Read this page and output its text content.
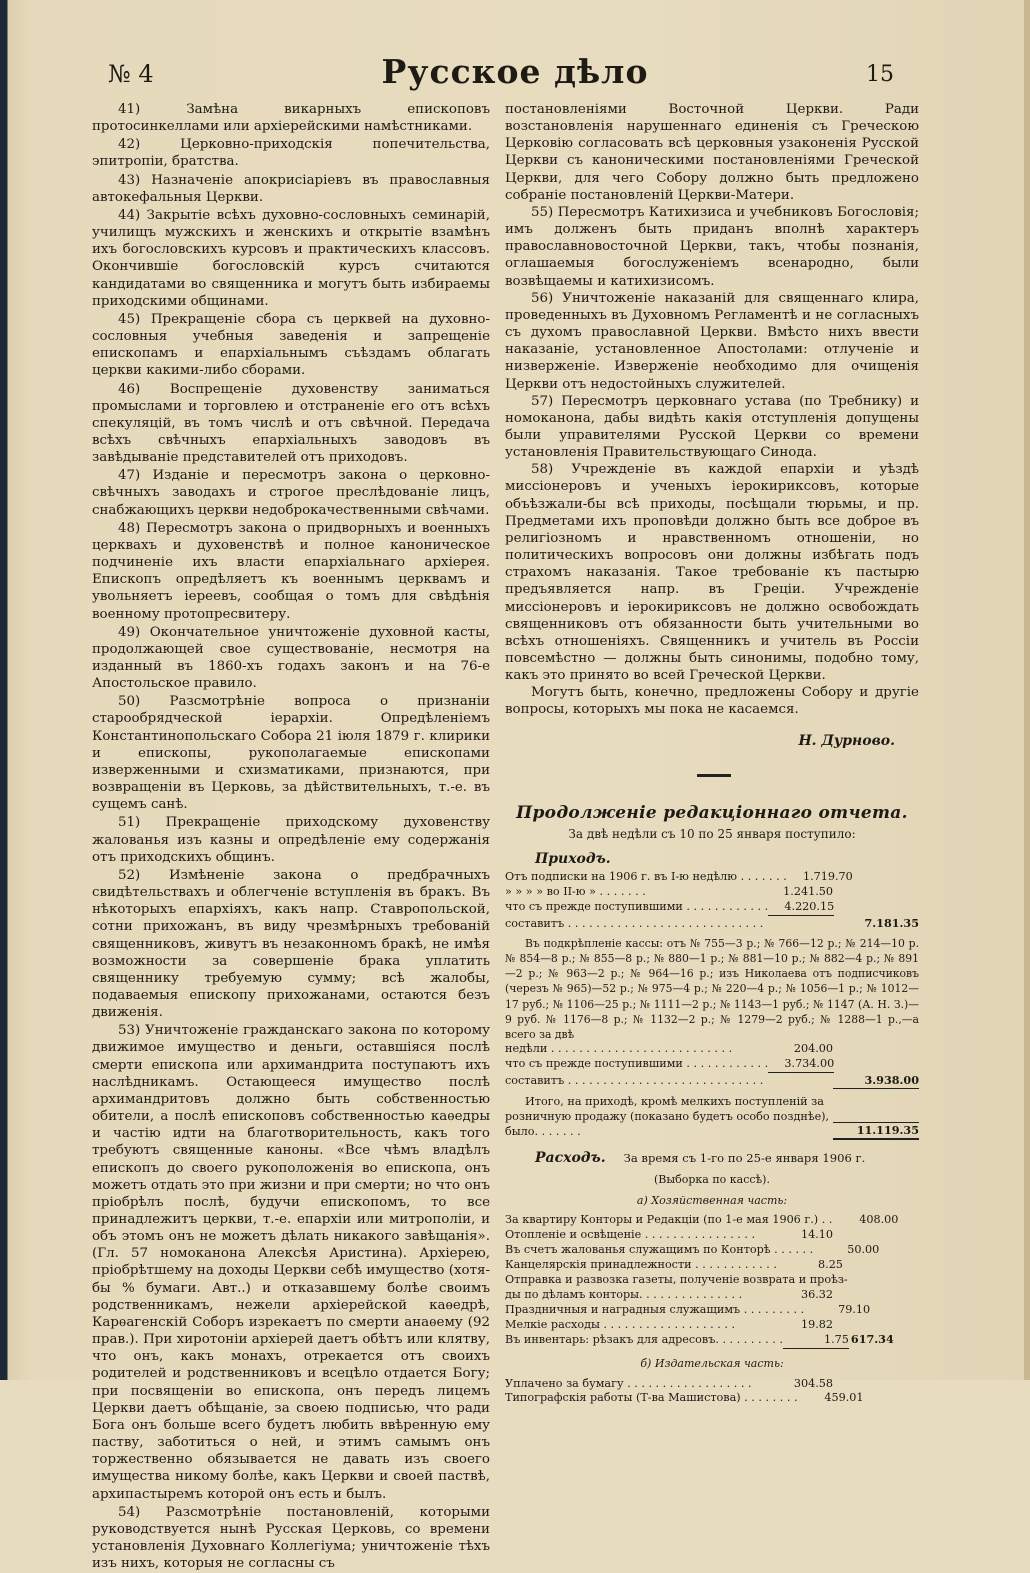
№ 4	Русское дѣло	15

41) Замѣна викарныхъ епископовъ протосинкеллами или архіерейскими намѣстниками.

42) Церковно-приходскія попечительства, эпитропіи, братства.

43) Назначеніе апокрисіаріевъ въ православныя автокефальныя Церкви.

44) Закрытіе всѣхъ духовно-сословныхъ семинарій, училищъ мужскихъ и женскихъ и открытіе взамѣнъ ихъ богословскихъ курсовъ и практическихъ классовъ. Окончившіе богословскій курсъ считаются кандидатами во священника и могутъ быть избираемы приходскими общинами.

45) Прекращеніе сбора съ церквей на духовно-сословныя учебныя заведенія и запрещеніе епископамъ и епархіальнымъ съѣздамъ облагать церкви какими-либо сборами.

46) Воспрещеніе духовенству заниматься промыслами и торговлею и отстраненіе его отъ всѣхъ спекуляцій, въ томъ числѣ и отъ свѣчной. Передача всѣхъ свѣчныхъ епархіальныхъ заводовъ въ завѣдываніе представителей отъ приходовъ.

47) Изданіе и пересмотръ закона о церковно-свѣчныхъ заводахъ и строгое преслѣдованіе лицъ, снабжающихъ церкви недоброкачественными свѣчами.

48) Пересмотръ закона о придворныхъ и военныхъ церквахъ и духовенствѣ и полное каноническое подчиненіе ихъ власти епархіальнаго архіерея. Епископъ опредѣляетъ къ военнымъ церквамъ и увольняетъ іереевъ, сообщая о томъ для свѣдѣнія военному протопресвитеру.

49) Окончательное уничтоженіе духовной касты, продолжающей свое существованіе, несмотря на изданный въ 1860-хъ годахъ законъ и на 76-е Апостольское правило.

50) Разсмотрѣніе вопроса о признаніи старообрядческой іерархіи. Опредѣленіемъ Константинопольскаго Собора 21 іюля 1879 г. клирики и епископы, рукополагаемые епископами изверженными и схизматиками, признаются, при возвращеніи въ Церковь, за дѣйствительныхъ, т.-е. въ сущемъ санѣ.

51) Прекращеніе приходскому духовенству жалованья изъ казны и опредѣленіе ему содержанія отъ приходскихъ общинъ.

52) Измѣненіе закона о предбрачныхъ свидѣтельствахъ и облегченіе вступленія въ бракъ. Въ нѣкоторыхъ епархіяхъ, какъ напр. Ставропольской, сотни прихожанъ, въ виду чрезмѣрныхъ требованій священниковъ, живутъ въ незаконномъ бракѣ, не имѣя возможности за совершеніе брака уплатить священнику требуемую сумму; всѣ жалобы, подаваемыя епископу прихожанами, остаются безъ движенія.

53) Уничтоженіе гражданскаго закона по которому движимое имущество и деньги, оставшіяся послѣ смерти епископа или архимандрита поступаютъ ихъ наслѣдникамъ. Остающееся имущество послѣ архимандритовъ должно быть собственностью обители, а послѣ епископовъ собственностью каѳедры и частію идти на благотворительность, какъ того требуютъ священные каноны. «Все чѣмъ владѣлъ епископъ до своего рукоположенія во епископа, онъ можетъ отдать это при жизни и при смерти; но что онъ пріобрѣлъ послѣ, будучи епископомъ, то все принадлежитъ церкви, т.-е. епархіи или митрополіи, и объ этомъ онъ не можетъ дѣлать никакого завѣщанія». (Гл. 57 номоканона Алексѣя Аристина). Архіерею, пріобрѣтшему на доходы Церкви себѣ имущество (хотя-бы % бумаги. Авт..) и отказавшему болѣе своимъ родственникамъ, нежели архіерейской каѳедрѣ, Карѳагенскій Соборъ изрекаетъ по смерти анаѳему (92 прав.). При хиротоніи архіерей даетъ обѣтъ или клятву, что онъ, какъ монахъ, отрекается отъ своихъ родителей и родственниковъ и всецѣло отдается Богу; при посвященіи во епископа, онъ передъ лицемъ Церкви даетъ обѣщаніе, за своею подписью, что ради Бога онъ больше всего будетъ любить ввѣренную ему паству, заботиться о ней, и этимъ самымъ онъ торжественно обязывается не давать изъ своего имущества никому болѣе, какъ Церкви и своей паствѣ, архипастыремъ которой онъ есть и былъ.

54) Разсмотрѣніе постановленій, которыми руководствуется нынѣ Русская Церковь, со времени установленія Духовнаго Коллегіума; уничтоженіе тѣхъ изъ нихъ, которыя не согласны съ

постановленіями Восточной Церкви. Ради возстановленія нарушеннаго единенія съ Греческою Церковію согласовать всѣ церковныя узаконенія Русской Церкви съ каноническими постановленіями Греческой Церкви, для чего Собору должно быть предложено собраніе постановленій Церкви-Матери.

55) Пересмотръ Катихизиса и учебниковъ Богословія; имъ долженъ быть приданъ вполнѣ характеръ православновосточной Церкви, такъ, чтобы познанія, оглашаемыя богослуженіемъ всенародно, были возвѣщаемы и катихизисомъ.

56) Уничтоженіе наказаній для священнаго клира, проведенныхъ въ Духовномъ Регламентѣ и не согласныхъ съ духомъ православной Церкви. Вмѣсто нихъ ввести наказаніе, установленное Апостолами: отлученіе и низверженіе. Изверженіе необходимо для очищенія Церкви отъ недостойныхъ служителей.

57) Пересмотръ церковнаго устава (по Требнику) и номоканона, дабы видѣть какія отступленія допущены были управителями Русской Церкви со времени установленія Правительствующаго Синода.

58) Учрежденіе въ каждой епархіи и уѣздѣ миссіонеровъ и ученыхъ іерокириксовъ, которые объѣзжали-бы всѣ приходы, посѣщали тюрьмы, и пр. Предметами ихъ проповѣди должно быть все доброе въ религіозномъ и нравственномъ отношеніи, но политическихъ вопросовъ они должны избѣгать подъ страхомъ наказанія. Такое требованіе къ пастырю предъявляется напр. въ Греціи. Учрежденіе миссіонеровъ и іерокириксовъ не должно освобождать священниковъ отъ обязанности быть учительными во всѣхъ отношеніяхъ. Священникъ и учитель въ Россіи повсемѣстно — должны быть синонимы, подобно тому, какъ это принято во всей Греческой Церкви.

Могутъ быть, конечно, предложены Собору и другіе вопросы, которыхъ мы пока не касаемся.

Н. Дурново.

Продолженіе редакціоннаго отчета.
За двѣ недѣли съ 10 по 25 января поступило:
Приходъ.
Отъ подписки на 1906 г. въ I-ю недѣлю . . . . . . .	1.719.70
» » » » во II-ю » . . . . . . .	1.241.50
что съ прежде поступившими . . . . . . . . . . . .	4.220.15
составитъ . . . . . . . . . . . . . . . . . . . . . . . . . . . .	7.181.35
Въ подкрѣпленіе кассы: отъ № 755—3 р.; № 766—12 р.; № 214—10 р. № 854—8 р.; № 855—8 р.; № 880—1 р.; № 881—10 р.; № 882—4 р.; № 891—2 р.; № 963—2 р.; № 964—16 р.; изъ Николаева отъ подписчиковъ (черезъ № 965)—52 р.; № 975—4 р.; № 220—4 р.; № 1056—1 р.; № 1012—17 руб.; № 1106—25 р.; № 1111—2 р.; № 1143—1 руб.; № 1147 (А. Н. З.)—9 руб. № 1176—8 р.; № 1132—2 р.; № 1279—2 руб.; № 1288—1 р.,—а всего за двѣ
недѣли . . . . . . . . . . . . . . . . . . . . . . . . . .	204.00
что съ прежде поступившими . . . . . . . . . . . .	3.734.00
составитъ . . . . . . . . . . . . . . . . . . . . . . . . . . . .	3.938.00
Итого, на приходѣ, кромѣ мелкихъ поступленій за розничную продажу (показано будетъ особо позднѣе), было. . . . . . .	11.119.35
Расходъ. За время съ 1-го по 25-е января 1906 г.
(Выборка по кассѣ).
а) Хозяйственная часть:
За квартиру Конторы и Редакціи (по 1-е мая 1906 г.) . .	408.00
Отопленіе и освѣщеніе . . . . . . . . . . . . . . . .	14.10
Въ счетъ жалованья служащимъ по Конторѣ . . . . . .	50.00
Канцелярскія принадлежности . . . . . . . . . . . .	8.25
Отправка и развозка газеты, полученіе возврата и проѣз-
ды по дѣламъ конторы. . . . . . . . . . . . . . .	36.32
Праздничныя и наградныя служащимъ . . . . . . . . .	79.10
Мелкіе расходы . . . . . . . . . . . . . . . . . . .	19.82
Въ инвентарь: рѣзакъ для адресовъ. . . . . . . . . .	1.75 617.34
б) Издательская часть:
Уплачено за бумагу . . . . . . . . . . . . . . . . . .	304.58
Типографскія работы (Т-ва Машистова) . . . . . . . .	459.01
